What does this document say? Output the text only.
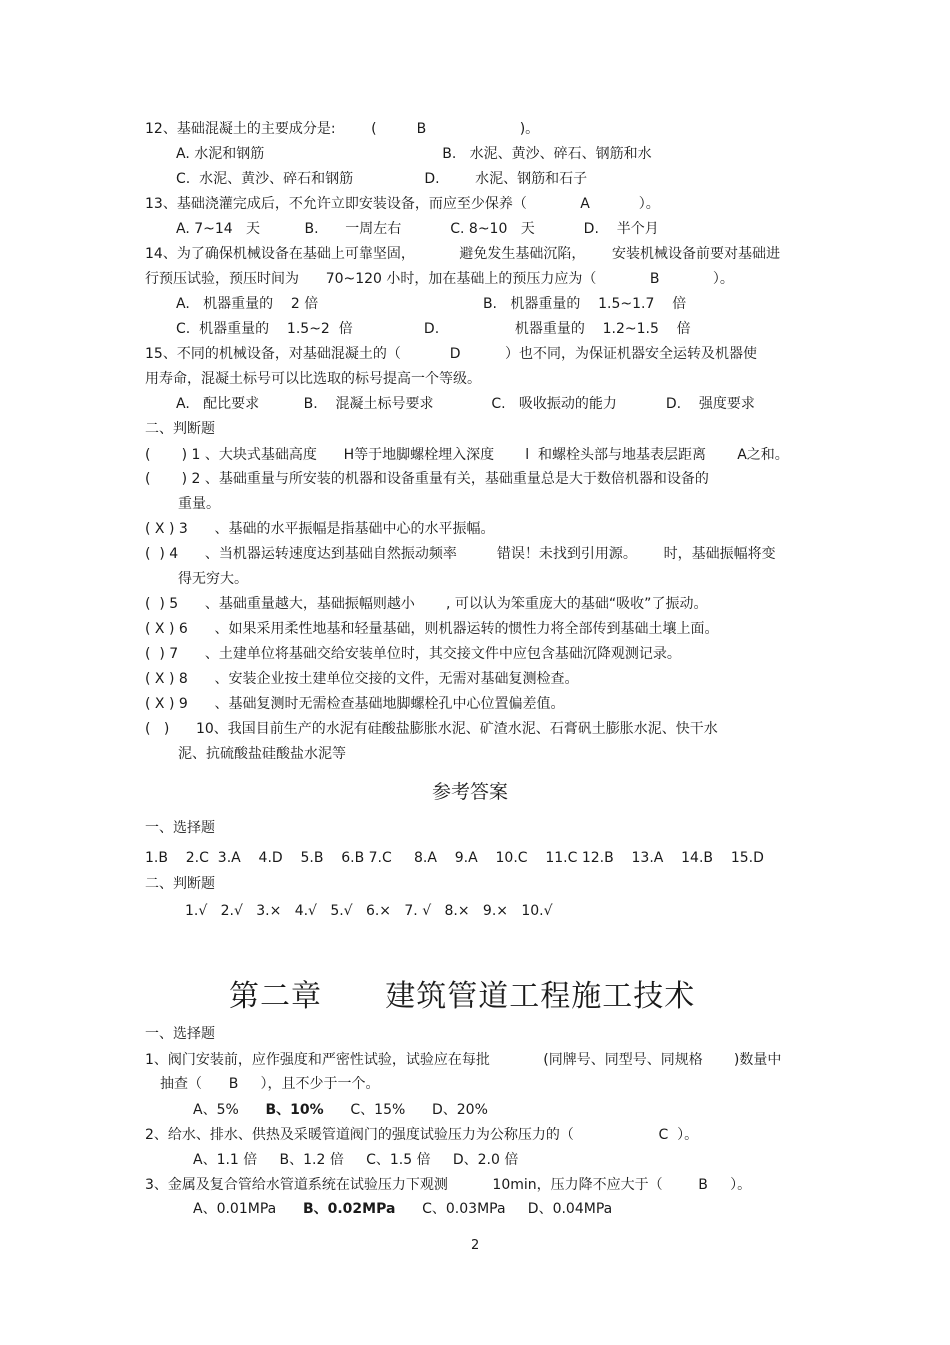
12、基础混凝土的主要成分是:        (         B                     )。
A. 水泥和钢筋                                        B.   水泥、黄沙、碎石、钢筋和水
C.  水泥、黄沙、碎石和钢筋                D.        水泥、钢筋和石子
13、基础浇灌完成后，不允许立即安装设备，而应至少保养（            A           ）。
A. 7~14   天          B.      一周左右           C. 8~10   天           D.    半个月
14、为了确保机械设备在基础上可靠坚固，          避免发生基础沉陷，      安装机械设备前要对基础进
行预压试验，预压时间为      70~120 小时，加在基础上的预压力应为（            B            ）。
A.   机器重量的    2 倍                                     B.   机器重量的    1.5~1.7    倍
C.  机器重量的    1.5~2  倍                D.                 机器重量的    1.2~1.5    倍
15、不同的机械设备，对基础混凝土的（           D          ）也不同，为保证机器安全运转及机器使
用寿命，混凝土标号可以比选取的标号提高一个等级。
A.   配比要求          B.    混凝土标号要求             C.   吸收振动的能力           D.    强度要求
二、判断题
(       ) 1 、大块式基础高度      H等于地脚螺栓埋入深度       l  和螺栓头部与地基表层距离       A之和。
(       ) 2 、基础重量与所安装的机器和设备重量有关，基础重量总是大于数倍机器和设备的
重量。
( X ) 3      、基础的水平振幅是指基础中心的水平振幅。
(  ) 4      、当机器运转速度达到基础自然振动频率         错误！未找到引用源。      时，基础振幅将变
得无穷大。
(  ) 5      、基础重量越大，基础振幅则越小       , 可以认为笨重庞大的基础“吸收”了振动。
( X ) 6      、如果采用柔性地基和轻量基础，则机器运转的惯性力将全部传到基础土壤上面。
(  ) 7      、土建单位将基础交给安装单位时，其交接文件中应包含基础沉降观测记录。
( X ) 8      、安装企业按土建单位交接的文件，无需对基础复测检查。
( X ) 9      、基础复测时无需检查基础地脚螺栓孔中心位置偏差值。
(   )      10、我国目前生产的水泥有硅酸盐膨胀水泥、矿渣水泥、石膏矾土膨胀水泥、快干水
泥、抗硫酸盐硅酸盐水泥等
参考答案
一、选择题
1.B    2.C  3.A    4.D    5.B    6.B 7.C     8.A    9.A    10.C    11.C 12.B    13.A    14.B    15.D
二、判断题
1.√   2.√   3.×   4.√   5.√   6.×   7. √   8.×   9.×   10.√
第二章      建筑管道工程施工技术
一、选择题
1、阀门安装前，应作强度和严密性试验，试验应在每批            (同牌号、同型号、同规格       )数量中
抽查（      B     ），且不少于一个。
A、5% B、10% C、15%      D、20%
2、给水、排水、供热及采暖管道阀门的强度试验压力为公称压力的（                   C  ）。
A、1.1 倍     B、1.2 倍     C、1.5 倍     D、2.0 倍
3、金属及复合管给水管道系统在试验压力下观测          10min，压力降不应大于（        B     ）。
A、0.01MPa B、0.02MPa C、0.03MPa     D、0.04MPa
2
